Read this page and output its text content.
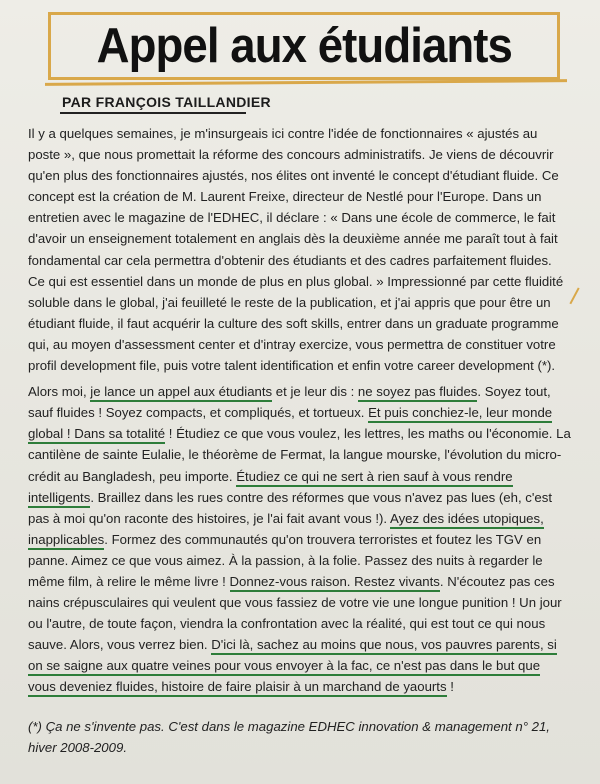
Appel aux étudiants
PAR FRANÇOIS TAILLANDIER

Il y a quelques semaines, je m'insurgeais ici contre l'idée de fonctionnaires « ajustés au
poste », que nous promettait la réforme des concours administratifs. Je viens de découvrir
qu'en plus des fonctionnaires ajustés, nos élites ont inventé le concept d'étudiant fluide. Ce
concept est la création de M. Laurent Freixe, directeur de Nestlé pour l'Europe. Dans un
entretien avec le magazine de l'EDHEC, il déclare : « Dans une école de commerce, le fait
d'avoir un enseignement totalement en anglais dès la deuxième année me paraît tout à fait
fondamental car cela permettra d'obtenir des étudiants et des cadres parfaitement fluides.
Ce qui est essentiel dans un monde de plus en plus global. » Impressionné par cette fluidité
soluble dans le global, j'ai feuilleté le reste de la publication, et j'ai appris que pour être un
étudiant fluide, il faut acquérir la culture des soft skills, entrer dans un graduate programme
qui, au moyen d'assessment center et d'intray exercize, vous permettra de constituer votre
profil development file, puis votre talent identification et enfin votre career development (*).

Alors moi, je lance un appel aux étudiants et je leur dis : ne soyez pas fluides. Soyez tout,
sauf fluides ! Soyez compacts, et compliqués, et tortueux. Et puis conchiez-le, leur monde
global ! Dans sa totalité ! Étudiez ce que vous voulez, les lettres, les maths ou l'économie. La
cantilène de sainte Eulalie, le théorème de Fermat, la langue mourske, l'évolution du micro-
crédit au Bangladesh, peu importe. Étudiez ce qui ne sert à rien sauf à vous rendre
intelligents. Braillez dans les rues contre des réformes que vous n'avez pas lues (eh, c'est
pas à moi qu'on raconte des histoires, je l'ai fait avant vous !). Ayez des idées utopiques,
inapplicables. Formez des communautés qu'on trouvera terroristes et foutez les TGV en
panne. Aimez ce que vous aimez. À la passion, à la folie. Passez des nuits à regarder le
même film, à relire le même livre ! Donnez-vous raison. Restez vivants. N'écoutez pas ces
nains crépusculaires qui veulent que vous fassiez de votre vie une longue punition ! Un jour
ou l'autre, de toute façon, viendra la confrontation avec la réalité, qui est tout ce qui nous
sauve. Alors, vous verrez bien. D'ici là, sachez au moins que nous, vos pauvres parents, si
on se saigne aux quatre veines pour vous envoyer à la fac, ce n'est pas dans le but que
vous deveniez fluides, histoire de faire plaisir à un marchand de yaourts !

(*) Ça ne s'invente pas. C'est dans le magazine EDHEC innovation & management n° 21,
hiver 2008-2009.
